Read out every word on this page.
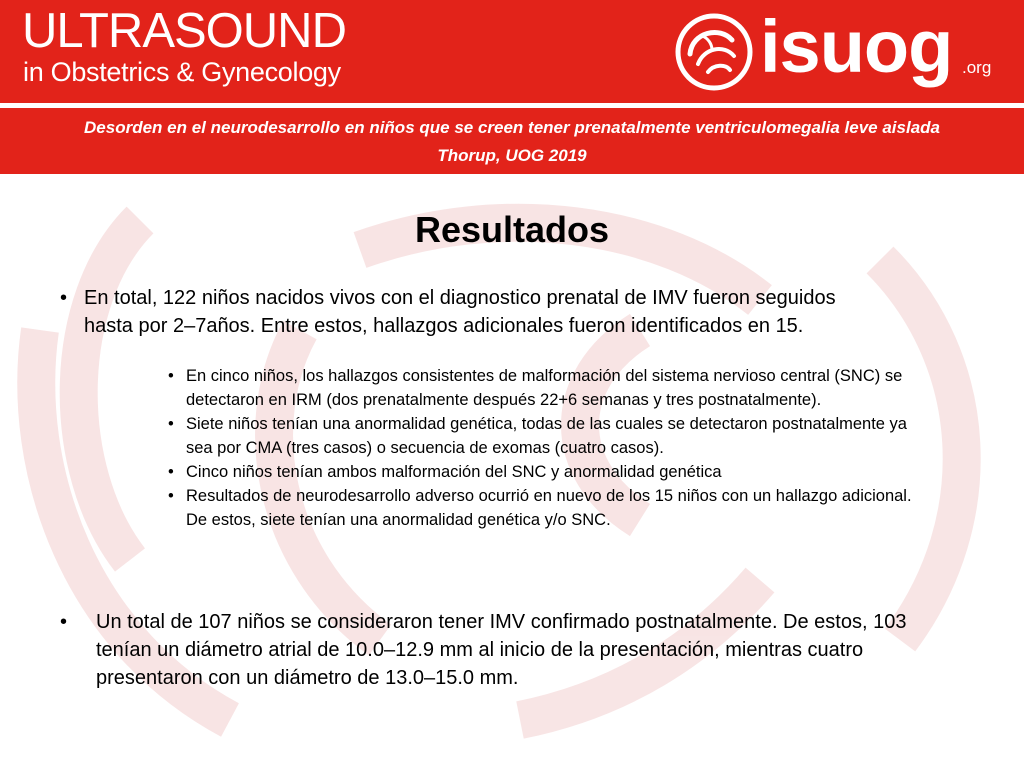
ULTRASOUND
in Obstetrics & Gynecology	isuog .org
Desorden en el neurodesarrollo en niños que se creen tener prenatalmente ventriculomegalia leve aislada
Thorup, UOG 2019
Resultados
• En total, 122 niños nacidos vivos con el diagnostico prenatal de IMV fueron seguidos hasta por 2–7años. Entre estos, hallazgos adicionales fueron identificados en 15.
• En cinco niños, los hallazgos consistentes de malformación del sistema nervioso central (SNC) se detectaron en IRM (dos prenatalmente después 22+6 semanas y tres postnatalmente).
• Siete niños tenían una anormalidad genética, todas de las cuales se detectaron postnatalmente ya sea por CMA (tres casos) o secuencia de exomas (cuatro casos).
• Cinco niños tenían ambos malformación del SNC y anormalidad genética
• Resultados de neurodesarrollo adverso ocurrió en nuevo de los 15 niños con un hallazgo adicional. De estos, siete tenían una anormalidad genética y/o SNC.
• Un total de 107 niños se consideraron tener IMV confirmado postnatalmente. De estos, 103 tenían un diámetro atrial de 10.0–12.9 mm al inicio de la presentación, mientras cuatro presentaron con un diámetro de 13.0–15.0 mm.
